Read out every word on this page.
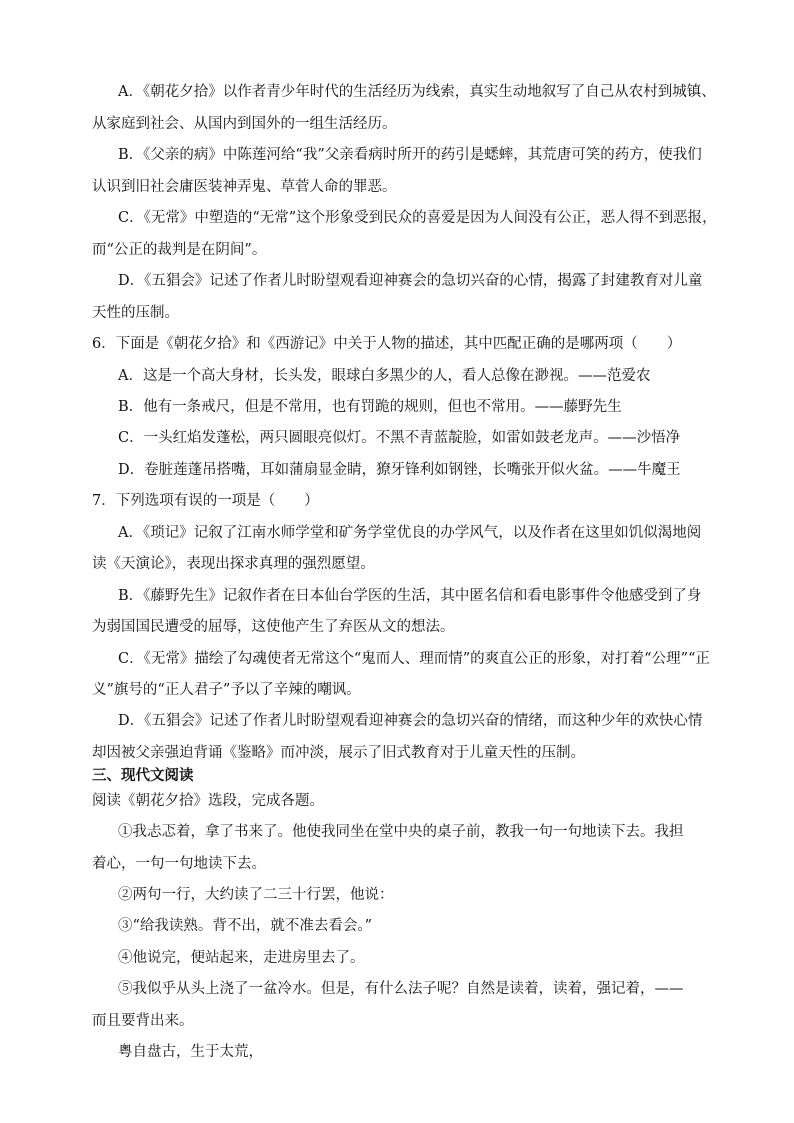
A．《朝花夕拾》以作者青少年时代的生活经历为线索，真实生动地叙写了自己从农村到城镇、
从家庭到社会、从国内到国外的一组生活经历。
B．《父亲的病》中陈莲河给“我”父亲看病时所开的药引是蟋蟀，其荒唐可笑的药方，使我们
认识到旧社会庸医装神弄鬼、草菅人命的罪恶。
C．《无常》中塑造的“无常”这个形象受到民众的喜爱是因为人间没有公正，恶人得不到恶报，
而“公正的裁判是在阴间”。
D．《五猖会》记述了作者儿时盼望观看迎神赛会的急切兴奋的心情，揭露了封建教育对儿童
天性的压制。
6．下面是《朝花夕拾》和《西游记》中关于人物的描述，其中匹配正确的是哪两项（　　）
A．这是一个高大身材，长头发，眼球白多黑少的人，看人总像在渺视。——范爱农
B．他有一条戒尺，但是不常用，也有罚跪的规则，但也不常用。——藤野先生
C．一头红焰发蓬松，两只圆眼亮似灯。不黑不青蓝靛脸，如雷如鼓老龙声。——沙悟净
D．卷脏莲蓬吊搭嘴，耳如蒲扇显金睛，獠牙锋利如钢锉，长嘴张开似火盆。——牛魔王
7．下列选项有误的一项是（　　）
A．《琐记》记叙了江南水师学堂和矿务学堂优良的办学风气，以及作者在这里如饥似渴地阅
读《天演论》，表现出探求真理的强烈愿望。
B．《藤野先生》记叙作者在日本仙台学医的生活，其中匿名信和看电影事件令他感受到了身
为弱国国民遭受的屈辱，这使他产生了弃医从文的想法。
C．《无常》描绘了勾魂使者无常这个“鬼而人、理而情”的爽直公正的形象，对打着“公理”“正
义”旗号的“正人君子”予以了辛辣的嘲讽。
D．《五猖会》记述了作者儿时盼望观看迎神赛会的急切兴奋的情绪，而这种少年的欢快心情
却因被父亲强迫背诵《鉴略》而冲淡，展示了旧式教育对于儿童天性的压制。
三、现代文阅读
阅读《朝花夕拾》选段，完成各题。
①我忐忑着，拿了书来了。他使我同坐在堂中央的桌子前，教我一句一句地读下去。我担
着心，一句一句地读下去。
②两句一行，大约读了二三十行罢，他说：
③“给我读熟。背不出，就不准去看会。”
④他说完，便站起来，走进房里去了。
⑤我似乎从头上浇了一盆冷水。但是，有什么法子呢？自然是读着，读着，强记着，——
而且要背出来。
粤自盘古，生于太荒，
